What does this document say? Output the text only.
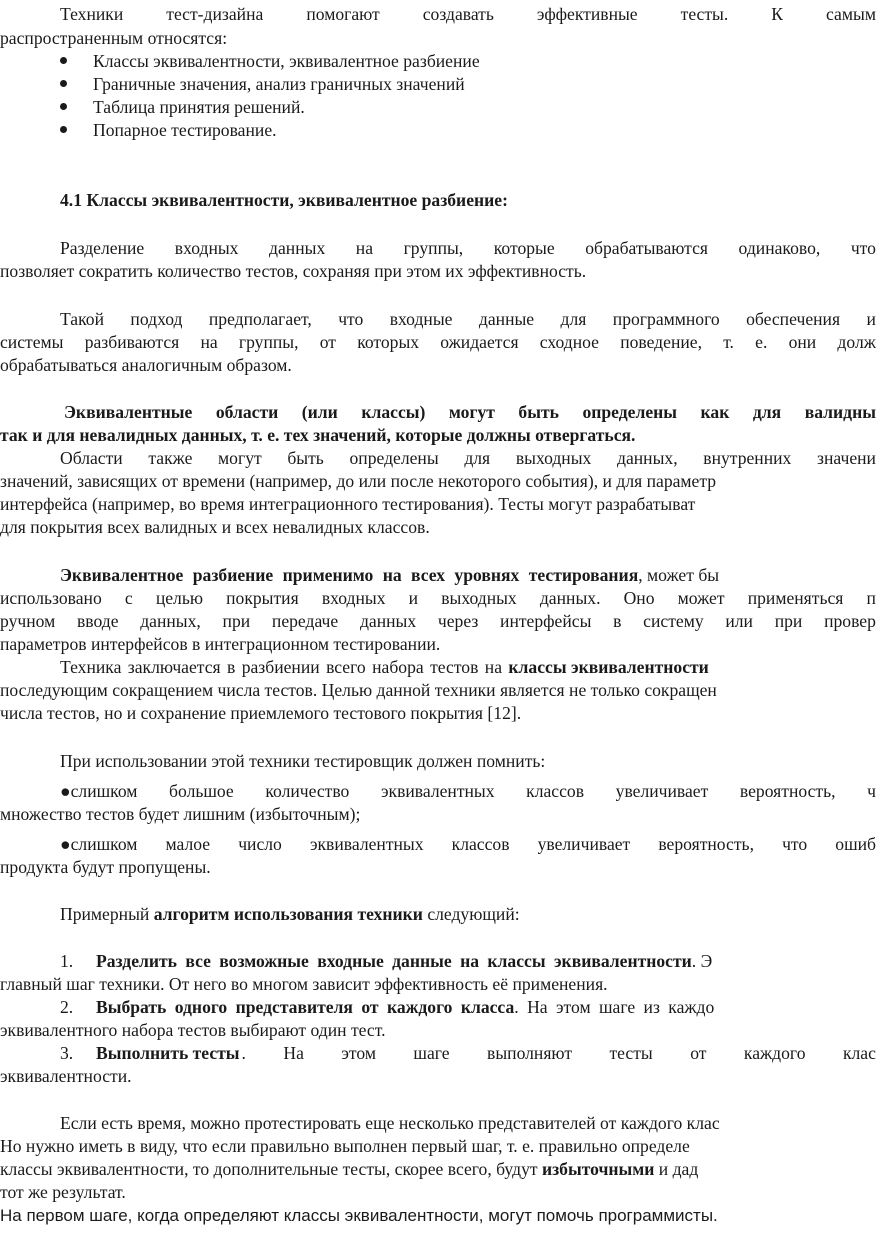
Техники тест-дизайна помогают создавать эффективные тесты. К самым
распространенным относятся:
Классы эквивалентности, эквивалентное разбиение
Граничные значения, анализ граничных значений
Таблица принятия решений.
Попарное тестирование.
4.1 Классы эквивалентности, эквивалентное разбиение:
Разделение входных данных на группы, которые обрабатываются одинаково, что
позволяет сократить количество тестов, сохраняя при этом их эффективность.
Такой подход предполагает, что входные данные для программного обеспечения и
системы разбиваются на группы, от которых ожидается сходное поведение, т. е. они долж
обрабатываться аналогичным образом.
Эквивалентные области (или классы) могут быть определены как для валидны
так и для невалидных данных, т. е. тех значений, которые должны отвергаться.
Области также могут быть определены для выходных данных, внутренних значени
значений, зависящих от времени (например, до или после некоторого события), и для параметр
интерфейса (например, во время интеграционного тестирования). Тесты могут разрабатыват
для покрытия всех валидных и всех невалидных классов.
Эквивалентное разбиение применимо на всех уровнях тестирования, может бы
использовано с целью покрытия входных и выходных данных. Оно может применяться п
ручном вводе данных, при передаче данных через интерфейсы в систему или при провер
параметров интерфейсов в интеграционном тестировании.
Техника заключается в разбиении всего набора тестов на классы эквивалентности
последующим сокращением числа тестов. Целью данной техники является не только сокращен
числа тестов, но и сохранение приемлемого тестового покрытия [12].
При использовании этой техники тестировщик должен помнить:
●слишком большое количество эквивалентных классов увеличивает вероятность, ч
множество тестов будет лишним (избыточным);
●слишком малое число эквивалентных классов увеличивает вероятность, что ошиб
продукта будут пропущены.
Примерный алгоритм использования техники следующий:
1. Разделить все возможные входные данные на классы эквивалентности. Э
главный шаг техники. От него во многом зависит эффективность её применения.
2. Выбрать одного представителя от каждого класса. На этом шаге из каждо
эквивалентного набора тестов выбирают один тест.
3.	Выполнить тесты . На этом шаге выполняют тесты от каждого клас
эквивалентности.
Если есть время, можно протестировать еще несколько представителей от каждого клас
Но нужно иметь в виду, что если правильно выполнен первый шаг, т. е. правильно определе
классы эквивалентности, то дополнительные тесты, скорее всего, будут избыточными и дад
тот же результат.
На первом шаге, когда определяют классы эквивалентности, могут помочь программисты.
